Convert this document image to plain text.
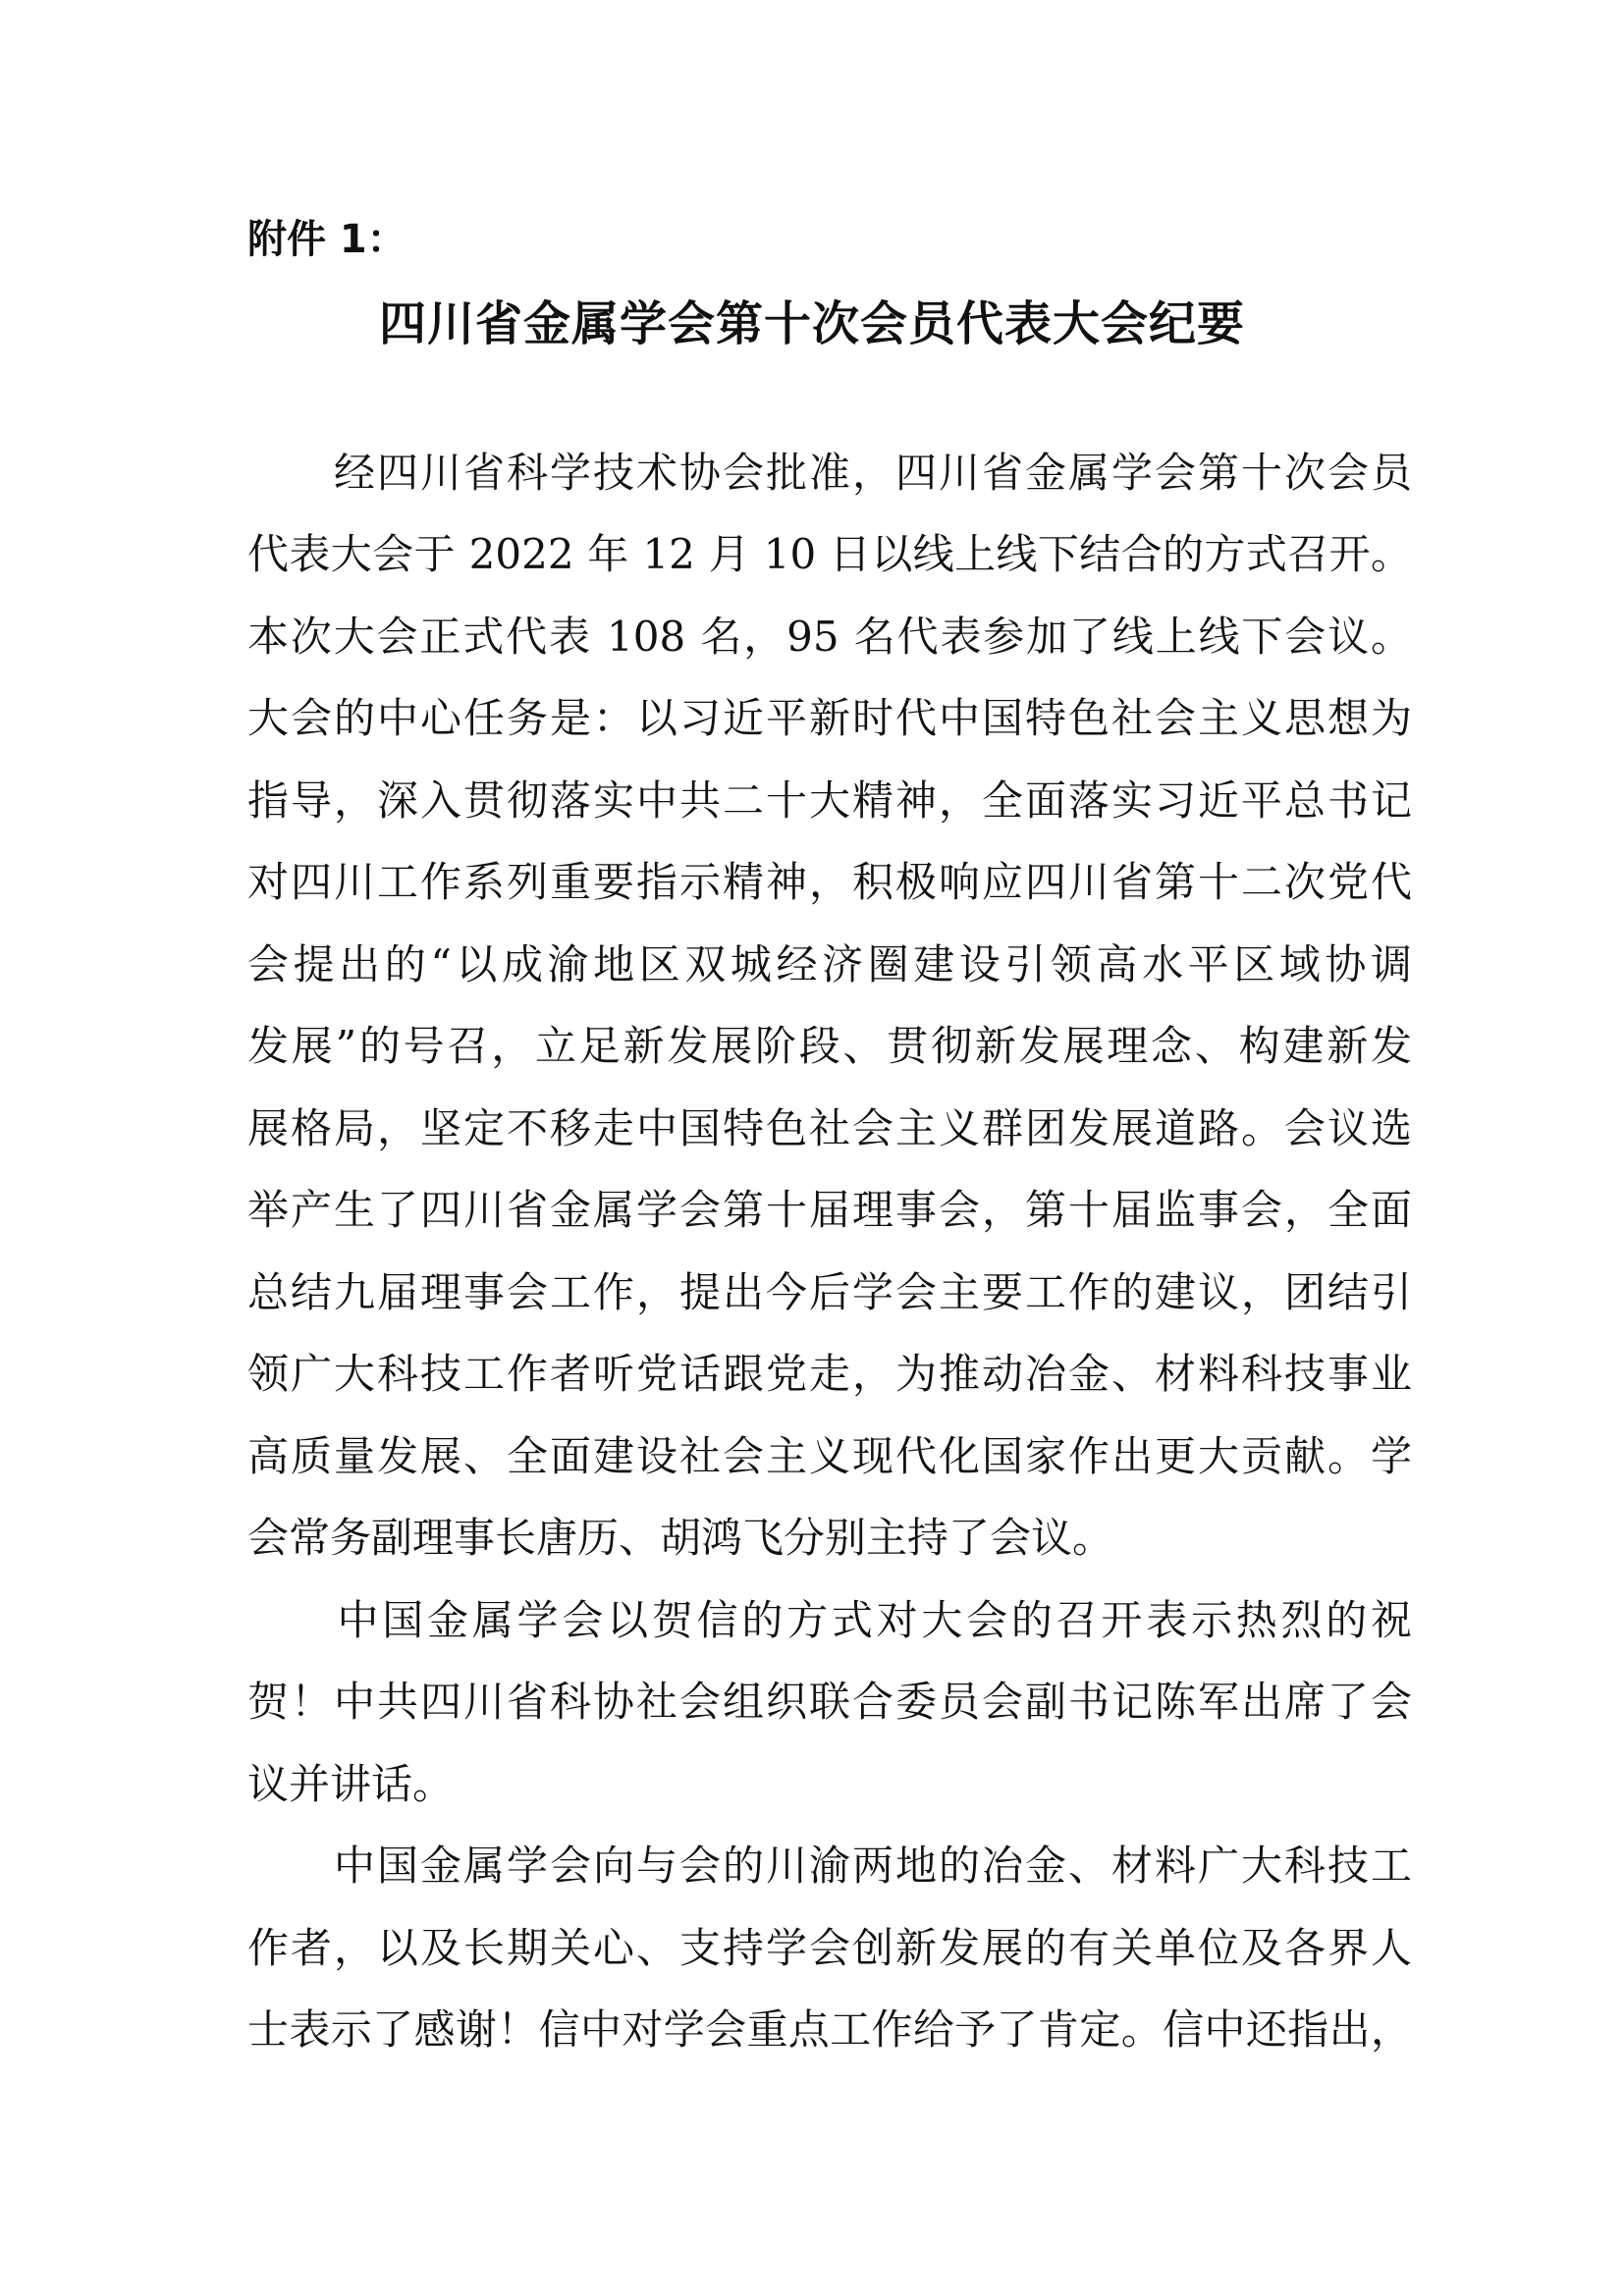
附件 1：
四川省金属学会第十次会员代表大会纪要
　　经四川省科学技术协会批准，四川省金属学会第十次会员
代表大会于 2022 年 12 月 10 日以线上线下结合的方式召开。
本次大会正式代表 108 名，95 名代表参加了线上线下会议。
大会的中心任务是：以习近平新时代中国特色社会主义思想为
指导，深入贯彻落实中共二十大精神，全面落实习近平总书记
对四川工作系列重要指示精神，积极响应四川省第十二次党代
会提出的“以成渝地区双城经济圈建设引领高水平区域协调
发展”的号召，立足新发展阶段、贯彻新发展理念、构建新发
展格局，坚定不移走中国特色社会主义群团发展道路。会议选
举产生了四川省金属学会第十届理事会，第十届监事会，全面
总结九届理事会工作，提出今后学会主要工作的建议，团结引
领广大科技工作者听党话跟党走，为推动冶金、材料科技事业
高质量发展、全面建设社会主义现代化国家作出更大贡献。学
会常务副理事长唐历、胡鸿飞分别主持了会议。
　　中国金属学会以贺信的方式对大会的召开表示热烈的祝
贺！中共四川省科协社会组织联合委员会副书记陈军出席了会
议并讲话。
　　中国金属学会向与会的川渝两地的冶金、材料广大科技工
作者，以及长期关心、支持学会创新发展的有关单位及各界人
士表示了感谢！信中对学会重点工作给予了肯定。信中还指出，
